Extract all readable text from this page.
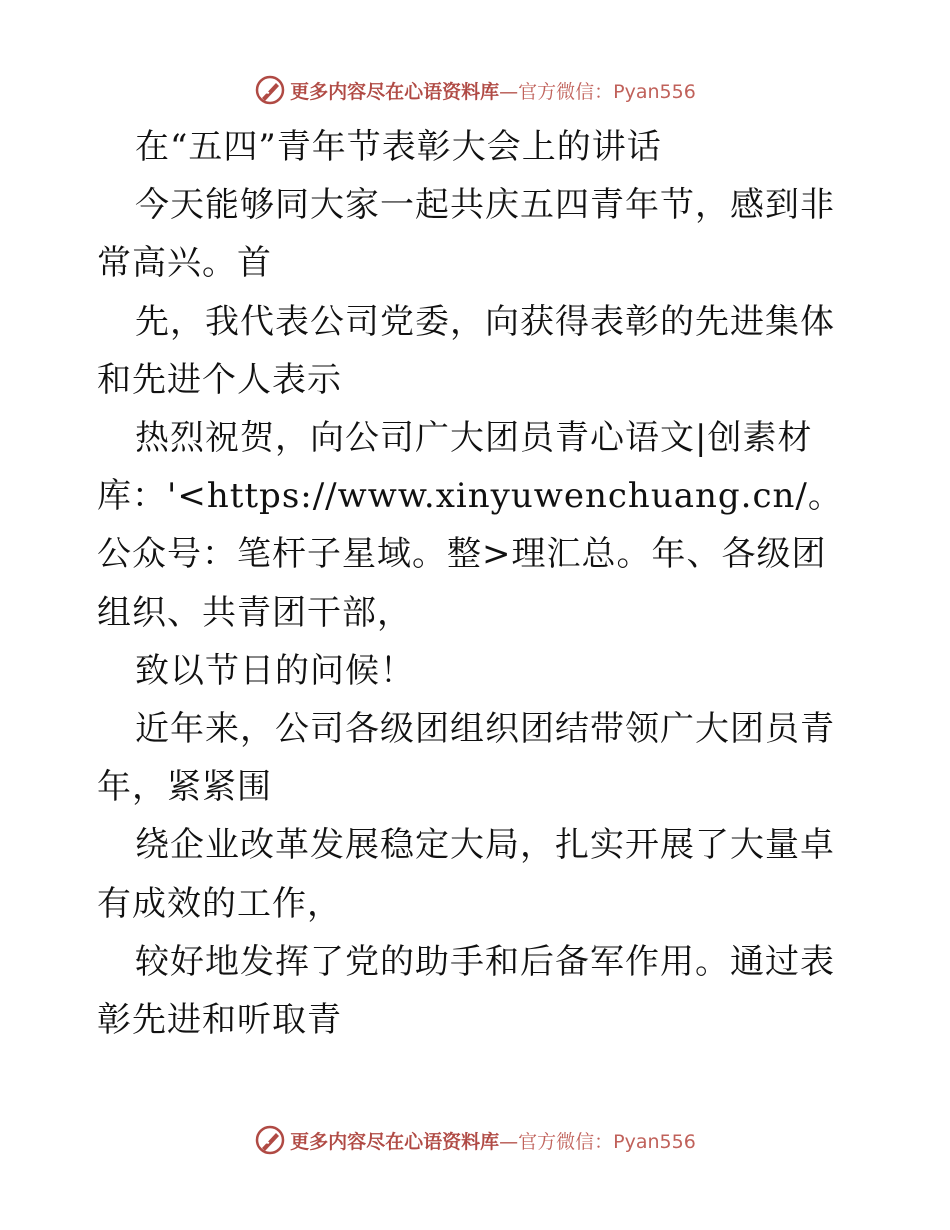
更多内容尽在心语资料库—官方微信：Pyan556

在“五四”青年节表彰大会上的讲话

今天能够同大家一起共庆五四青年节，感到非常高兴。首

先，我代表公司党委，向获得表彰的先进集体和先进个人表示

热烈祝贺，向公司广大团员青心语文|创素材库：'<https://www.xinyuwenchuang.cn/。公众号：笔杆子星域。整>理汇总。年、各级团组织、共青团干部，

致以节日的问候！

近年来，公司各级团组织团结带领广大团员青年，紧紧围

绕企业改革发展稳定大局，扎实开展了大量卓有成效的工作，

较好地发挥了党的助手和后备军作用。通过表彰先进和听取青

更多内容尽在心语资料库—官方微信：Pyan556
